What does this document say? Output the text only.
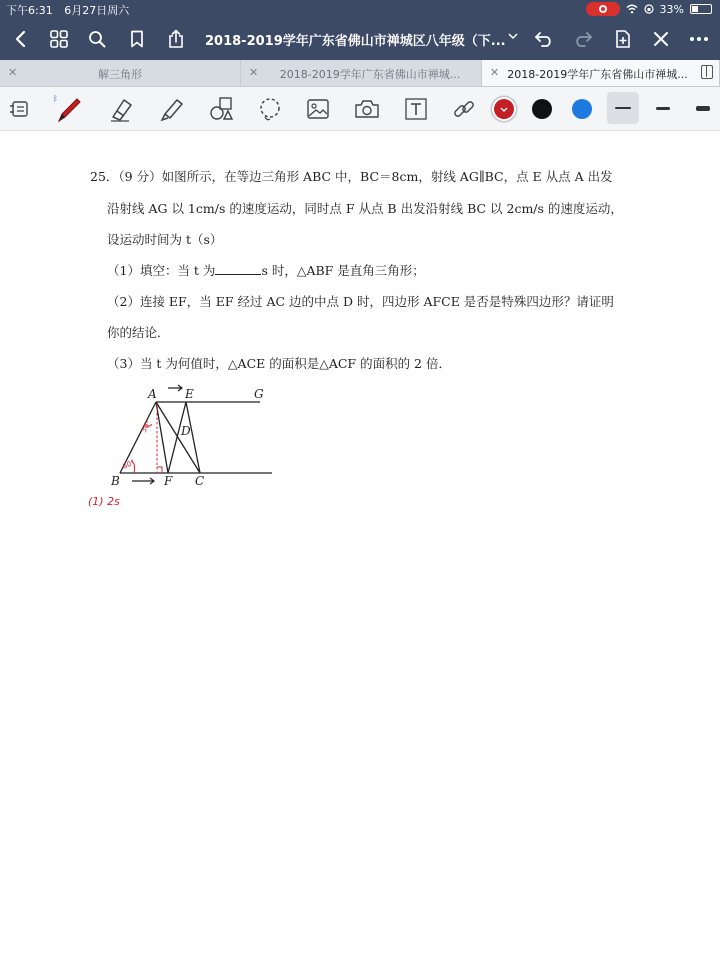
下午6:31 6月27日周六	33%
2018-2019学年广东省佛山市禅城区八年级（下...
✕	解三角形	✕	2018-2019学年广东省佛山市禅城...	✕ 2018-2019学年广东省佛山市禅城...
ᛒ
25．（9 分）如图所示，在等边三角形 ABC 中，BC＝8cm，射线 AG∥BC，点 E 从点 A 出发
沿射线 AG 以 1cm/s 的速度运动，同时点 F 从点 B 出发沿射线 BC 以 2cm/s 的速度运动，
设运动时间为 t（s）
（1）填空：当 t 为	s 时，△ABF 是直角三角形；
（2）连接 EF，当 EF 经过 AC 边的中点 D 时，四边形 AFCE 是否是特殊四边形？请证明
你的结论．
（3）当 t 为何值时，△ACE 的面积是△ACF 的面积的 2 倍．
A E	G
D
B	F C
30°
60°
(1) 2s
